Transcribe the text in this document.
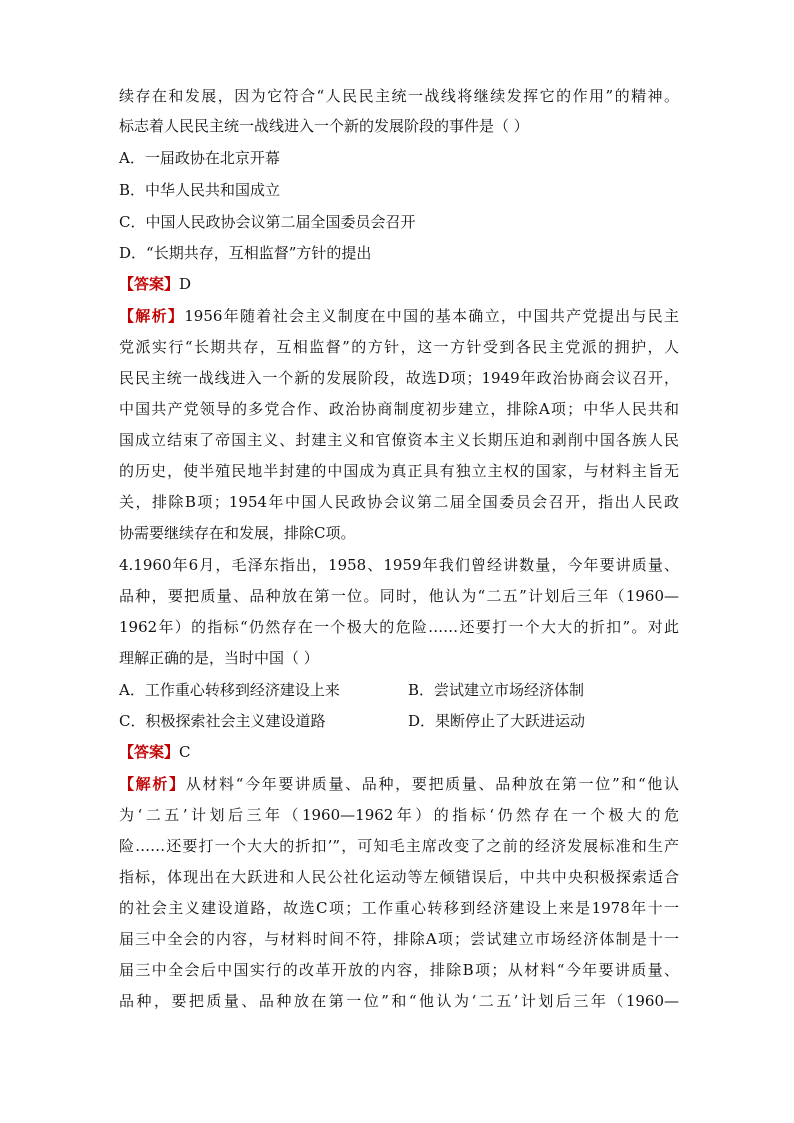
续存在和发展，因为它符合“人民民主统一战线将继续发挥它的作用”的精神。
标志着人民民主统一战线进入一个新的发展阶段的事件是（ ）
A．一届政协在北京开幕
B．中华人民共和国成立
C．中国人民政协会议第二届全国委员会召开
D．“长期共存，互相监督”方针的提出
【答案】D
【解析】1956年随着社会主义制度在中国的基本确立，中国共产党提出与民主
党派实行“长期共存，互相监督”的方针，这一方针受到各民主党派的拥护，人
民民主统一战线进入一个新的发展阶段，故选D项；1949年政治协商会议召开，
中国共产党领导的多党合作、政治协商制度初步建立，排除A项；中华人民共和
国成立结束了帝国主义、封建主义和官僚资本主义长期压迫和剥削中国各族人民
的历史，使半殖民地半封建的中国成为真正具有独立主权的国家，与材料主旨无
关，排除B项；1954年中国人民政协会议第二届全国委员会召开，指出人民政
协需要继续存在和发展，排除C项。
4.1960年6月，毛泽东指出，1958、1959年我们曾经讲数量，今年要讲质量、
品种，要把质量、品种放在第一位。同时，他认为“二五”计划后三年（1960—
1962年）的指标“仍然存在一个极大的危险……还要打一个大大的折扣”。对此
理解正确的是，当时中国（ ）
A．工作重心转移到经济建设上来	B．尝试建立市场经济体制
C．积极探索社会主义建设道路	D．果断停止了大跃进运动
【答案】C
【解析】从材料“今年要讲质量、品种，要把质量、品种放在第一位”和“他认
为‘二五’计划后三年（1960—1962年）的指标‘仍然存在一个极大的危
险……还要打一个大大的折扣’”，可知毛主席改变了之前的经济发展标准和生产
指标，体现出在大跃进和人民公社化运动等左倾错误后，中共中央积极探索适合
的社会主义建设道路，故选C项；工作重心转移到经济建设上来是1978年十一
届三中全会的内容，与材料时间不符，排除A项；尝试建立市场经济体制是十一
届三中全会后中国实行的改革开放的内容，排除B项；从材料“今年要讲质量、
品种，要把质量、品种放在第一位”和“他认为‘二五’计划后三年（1960—
